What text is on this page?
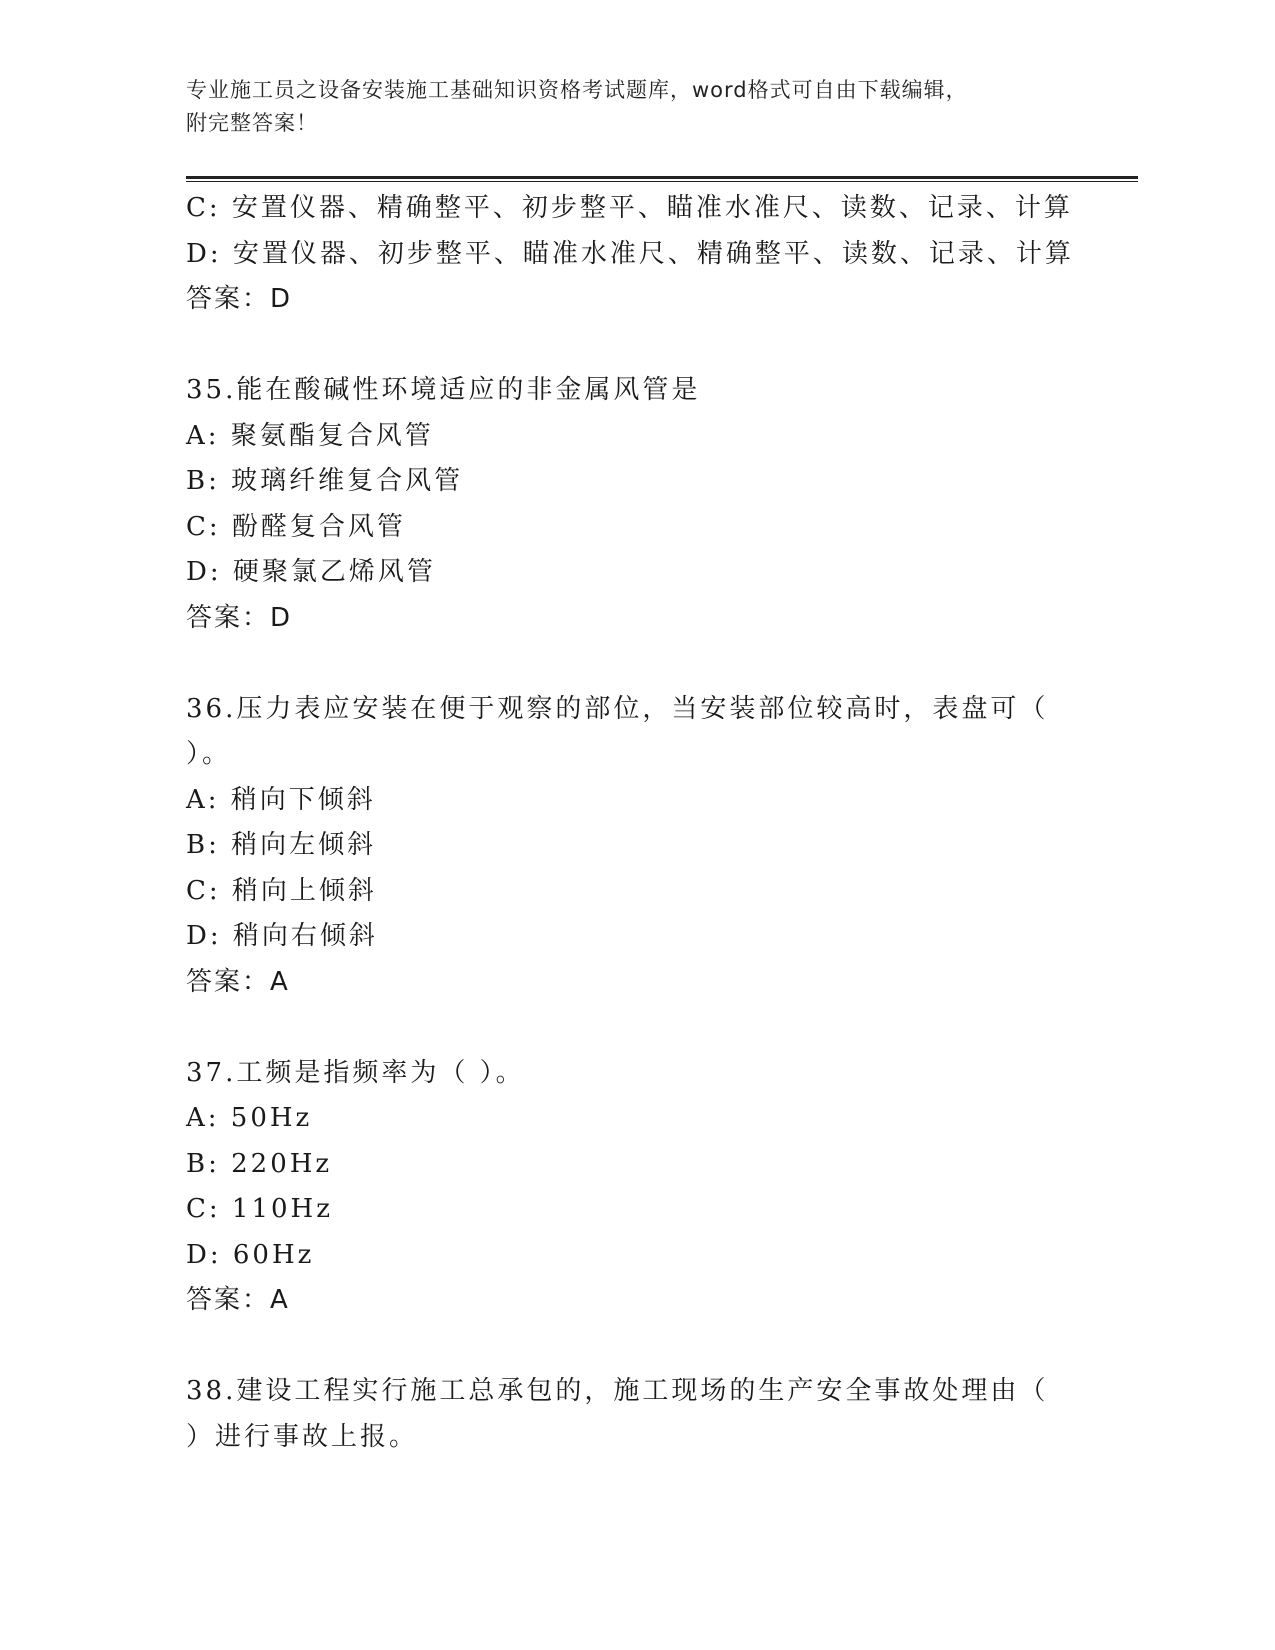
专业施工员之设备安装施工基础知识资格考试题库，word格式可自由下载编辑，
附完整答案！
C: 安置仪器、精确整平、初步整平、瞄准水准尺、读数、记录、计算
D: 安置仪器、初步整平、瞄准水准尺、精确整平、读数、记录、计算
答案：D
35.能在酸碱性环境适应的非金属风管是
A: 聚氨酯复合风管
B: 玻璃纤维复合风管
C: 酚醛复合风管
D: 硬聚氯乙烯风管
答案：D
36.压力表应安装在便于观察的部位，当安装部位较高时，表盘可（
）。
A: 稍向下倾斜
B: 稍向左倾斜
C: 稍向上倾斜
D: 稍向右倾斜
答案：A
37.工频是指频率为（ ）。
A: 50Hz
B: 220Hz
C: 110Hz
D: 60Hz
答案：A
38.建设工程实行施工总承包的，施工现场的生产安全事故处理由（
）进行事故上报。
